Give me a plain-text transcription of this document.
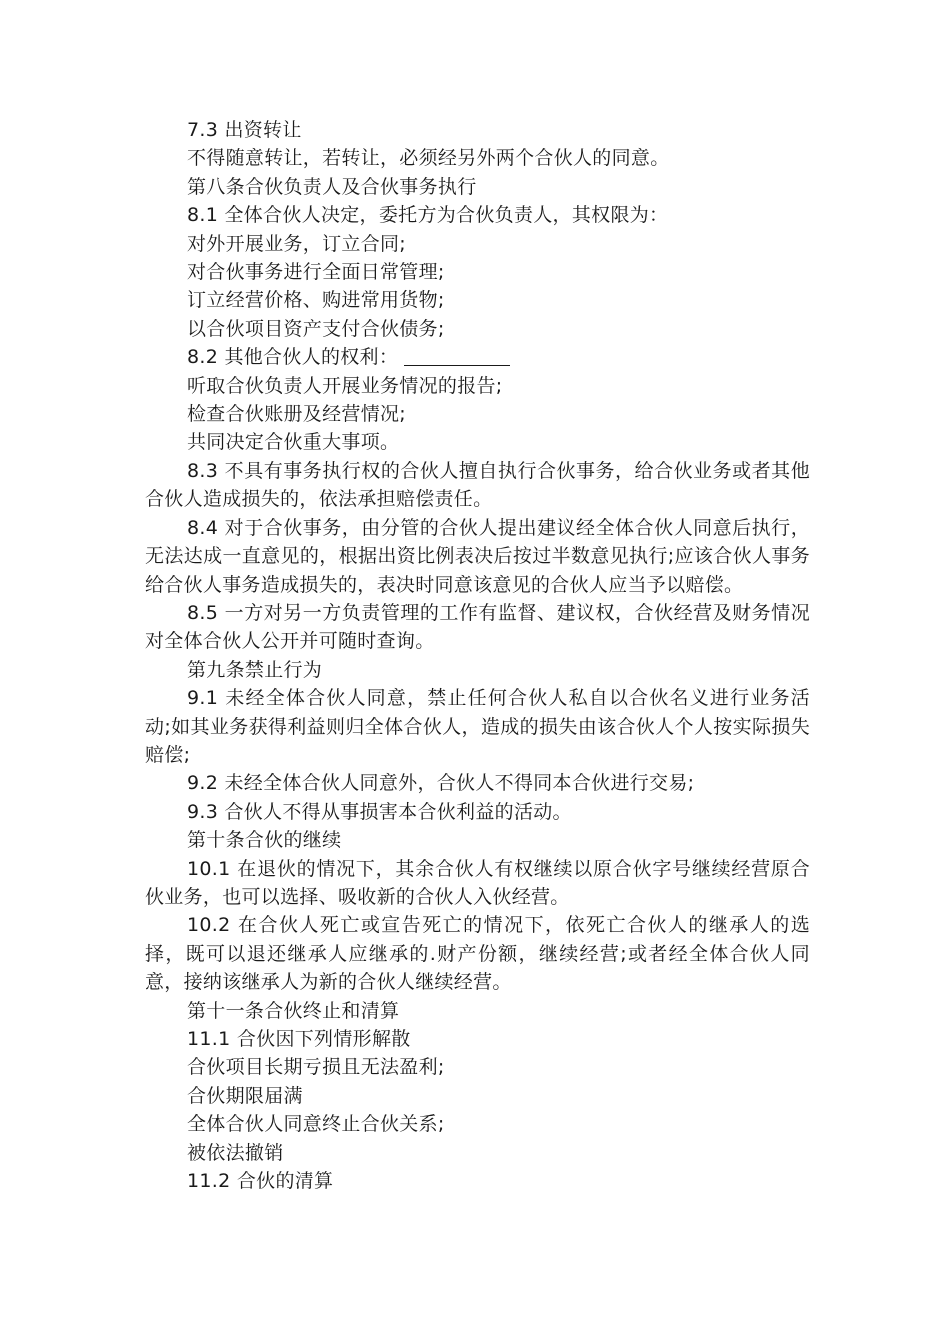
7.3 出资转让

不得随意转让，若转让，必须经另外两个合伙人的同意。

第八条合伙负责人及合伙事务执行

8.1 全体合伙人决定，委托方为合伙负责人，其权限为：

对外开展业务，订立合同;

对合伙事务进行全面日常管理;

订立经营价格、购进常用货物;

以合伙项目资产支付合伙债务;

8.2 其他合伙人的权利：

听取合伙负责人开展业务情况的报告;

检查合伙账册及经营情况;

共同决定合伙重大事项。

8.3 不具有事务执行权的合伙人擅自执行合伙事务，给合伙业务或者其他合伙人造成损失的，依法承担赔偿责任。

8.4 对于合伙事务，由分管的合伙人提出建议经全体合伙人同意后执行，无法达成一直意见的，根据出资比例表决后按过半数意见执行;应该合伙人事务给合伙人事务造成损失的，表决时同意该意见的合伙人应当予以赔偿。

8.5 一方对另一方负责管理的工作有监督、建议权，合伙经营及财务情况对全体合伙人公开并可随时查询。

第九条禁止行为

9.1 未经全体合伙人同意，禁止任何合伙人私自以合伙名义进行业务活动;如其业务获得利益则归全体合伙人，造成的损失由该合伙人个人按实际损失赔偿;

9.2 未经全体合伙人同意外，合伙人不得同本合伙进行交易;

9.3 合伙人不得从事损害本合伙利益的活动。

第十条合伙的继续

10.1 在退伙的情况下，其余合伙人有权继续以原合伙字号继续经营原合伙业务，也可以选择、吸收新的合伙人入伙经营。

10.2 在合伙人死亡或宣告死亡的情况下，依死亡合伙人的继承人的选择，既可以退还继承人应继承的.财产份额，继续经营;或者经全体合伙人同意，接纳该继承人为新的合伙人继续经营。

第十一条合伙终止和清算

11.1 合伙因下列情形解散

合伙项目长期亏损且无法盈利;

合伙期限届满

全体合伙人同意终止合伙关系;

被依法撤销

11.2 合伙的清算
